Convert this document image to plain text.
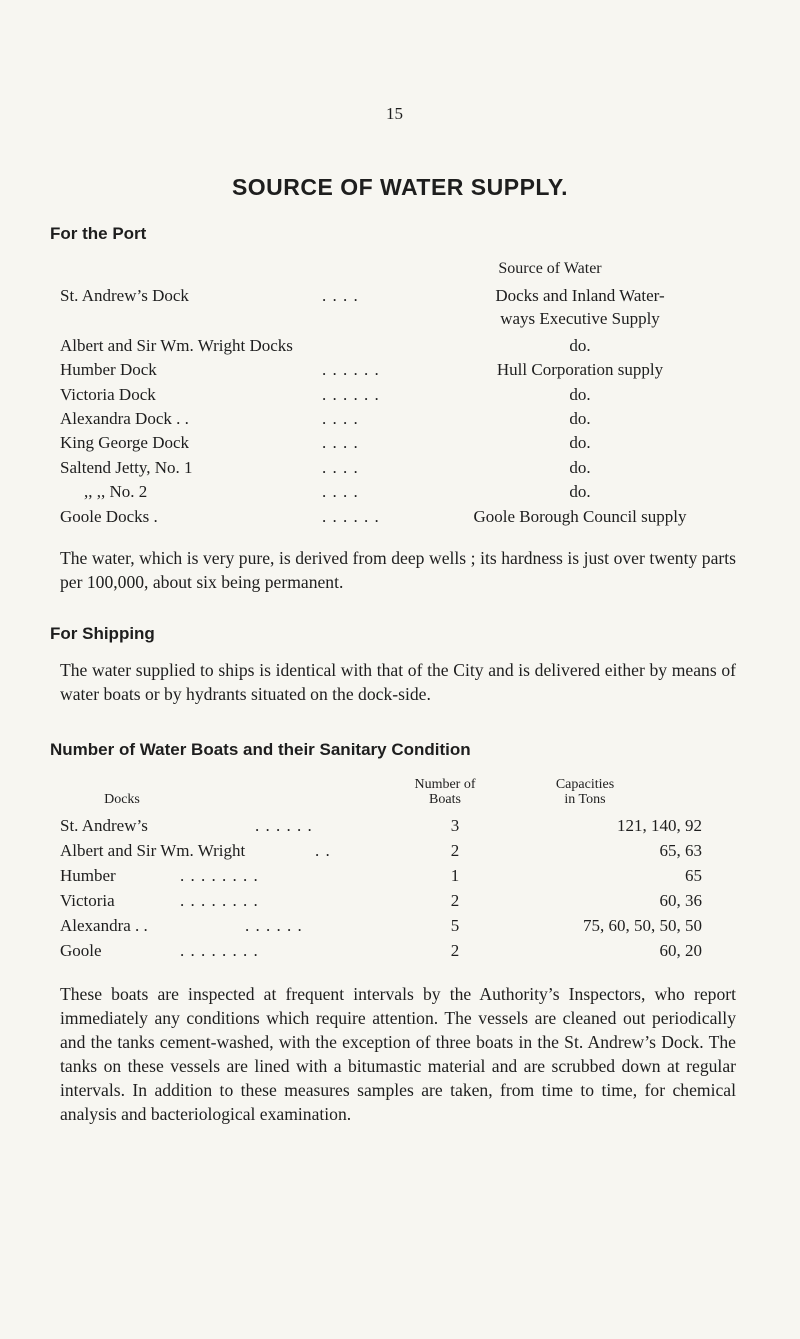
15
SOURCE OF WATER SUPPLY.
For the Port
Source of Water
St. Andrew’s Dock	. . . .	Docks and Inland Water-
ways Executive Supply
Albert and Sir Wm. Wright Docks	do.
Humber Dock	. . . . . .	Hull Corporation supply
Victoria Dock	. . . . . .	do.
Alexandra Dock . .	. . . .	do.
King George Dock	. . . .	do.
Saltend Jetty, No. 1	. . . .	do.
,, ,, No. 2	. . . .	do.
Goole Docks .	. . . . . .	Goole Borough Council supply

The water, which is very pure, is derived from deep wells ; its hardness is just over twenty parts per 100,000, about six being permanent.

For Shipping

The water supplied to ships is identical with that of the City and is delivered either by means of water boats or by hydrants situated on the dock-side.

Number of Water Boats and their Sanitary Condition
Docks
Number of
Boats
Capacities
in Tons
St. Andrew’s	. . . . . .	3	121, 140, 92
Albert and Sir Wm. Wright	. .	2	65, 63
Humber	. . . . . . . .	1	65
Victoria	. . . . . . . .	2	60, 36
Alexandra . .	. . . . . .	5	75, 60, 50, 50, 50
Goole	. . . . . . . .	2	60, 20

These boats are inspected at frequent intervals by the Authority’s Inspectors, who report immediately any conditions which require attention. The vessels are cleaned out periodically and the tanks cement-washed, with the exception of three boats in the St. Andrew’s Dock. The tanks on these vessels are lined with a bitumastic material and are scrubbed down at regular intervals. In addition to these measures samples are taken, from time to time, for chemical analysis and bacteriological examination.
